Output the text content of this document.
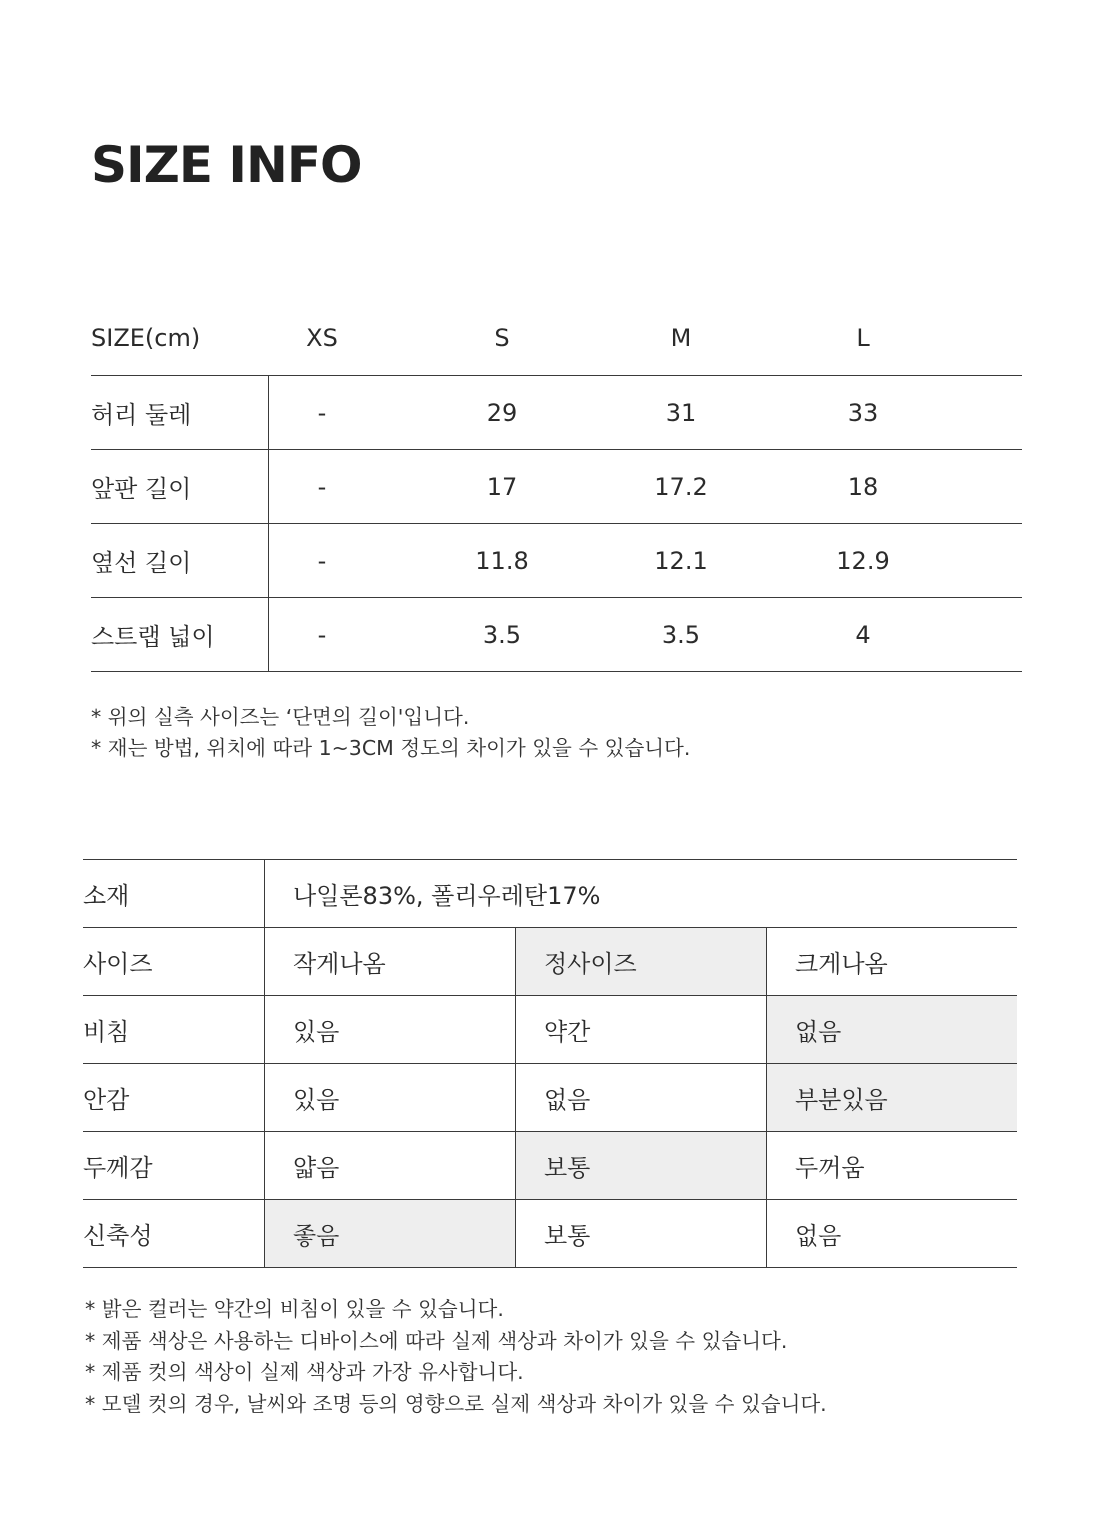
SIZE INFO
SIZE(cm)	XS	S	M	L
허리 둘레	-	29	31	33
앞판 길이	-	17	17.2	18
옆선 길이	-	11.8	12.1	12.9
스트랩 넓이	-	3.5	3.5	4
* 위의 실측 사이즈는 ‘단면의 길이'입니다.
* 재는 방법, 위치에 따라 1~3CM 정도의 차이가 있을 수 있습니다.
소재	나일론83%, 폴리우레탄17%
사이즈	작게나옴	정사이즈	크게나옴
비침	있음	약간	없음
안감	있음	없음	부분있음
두께감	얇음	보통	두꺼움
신축성	좋음	보통	없음
* 밝은 컬러는 약간의 비침이 있을 수 있습니다.
* 제품 색상은 사용하는 디바이스에 따라 실제 색상과 차이가 있을 수 있습니다.
* 제품 컷의 색상이 실제 색상과 가장 유사합니다.
* 모델 컷의 경우, 날씨와 조명 등의 영향으로 실제 색상과 차이가 있을 수 있습니다.
